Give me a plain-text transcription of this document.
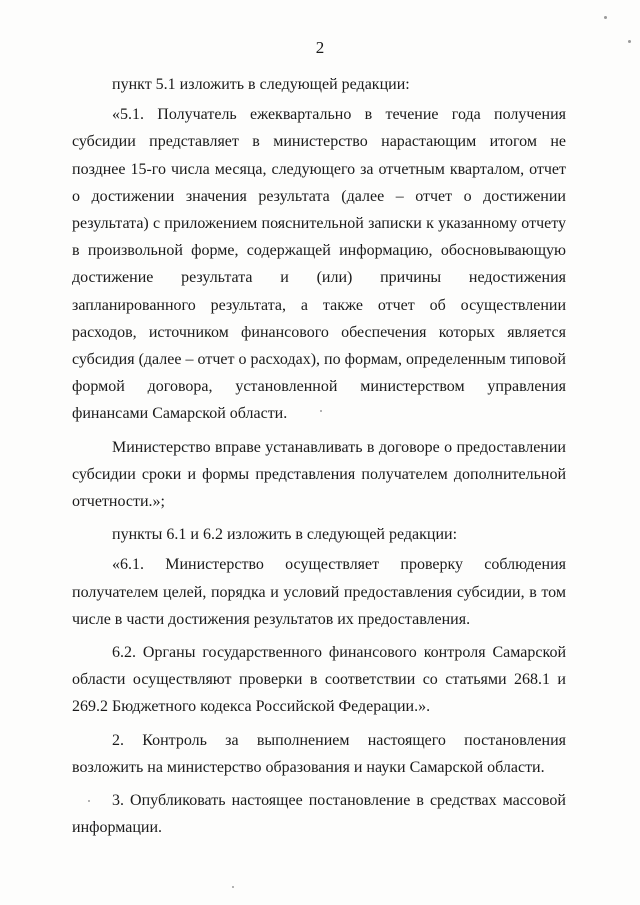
2

пункт 5.1 изложить в следующей редакции:

«5.1. Получатель ежеквартально в течение года получения субсидии представляет в министерство нарастающим итогом не позднее 15-го числа месяца, следующего за отчетным кварталом, отчет о достижении значения результата (далее – отчет о достижении результата) с приложением пояснительной записки к указанному отчету в произвольной форме, содержащей информацию, обосновывающую достижение результата и (или) причины недостижения запланированного результата, а также отчет об осуществлении расходов, источником финансового обеспечения которых является субсидия (далее – отчет о расходах), по формам, определенным типовой формой договора, установленной министерством управления финансами Самарской области.

Министерство вправе устанавливать в договоре о предоставлении субсидии сроки и формы представления получателем дополнительной отчетности.»;

пункты 6.1 и 6.2 изложить в следующей редакции:

«6.1. Министерство осуществляет проверку соблюдения получателем целей, порядка и условий предоставления субсидии, в том числе в части достижения результатов их предоставления.

6.2. Органы государственного финансового контроля Самарской области осуществляют проверки в соответствии со статьями 268.1 и 269.2 Бюджетного кодекса Российской Федерации.».

2. Контроль за выполнением настоящего постановления возложить на министерство образования и науки Самарской области.

3. Опубликовать настоящее постановление в средствах массовой информации.
